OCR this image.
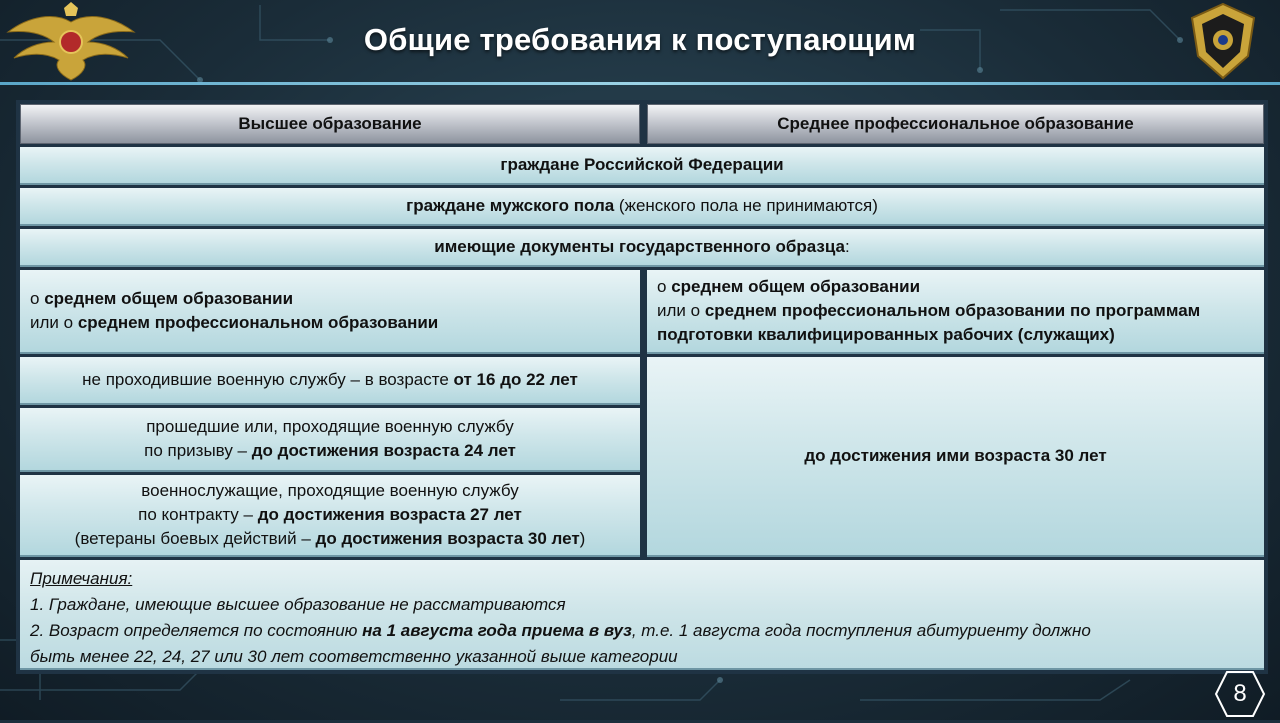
Общие требования к поступающим
Высшее образование	Среднее профессиональное образование
граждане Российской Федерации
граждане мужского пола (женского пола не принимаются)
имеющие документы государственного образца:
о среднем общем образовании
или о среднем профессиональном образовании
о среднем общем образовании
или о среднем профессиональном образовании по программам
подготовки квалифицированных рабочих (служащих)
не проходившие военную службу – в возрасте от 16 до 22 лет
прошедшие или, проходящие военную службу
по призыву – до достижения возраста 24 лет
военнослужащие, проходящие военную службу
по контракту – до достижения возраста 27 лет
(ветераны боевых действий – до достижения возраста 30 лет)
до достижения ими возраста 30 лет
Примечания:
1. Граждане, имеющие высшее образование не рассматриваются
2. Возраст определяется по состоянию на 1 августа года приема в вуз, т.е. 1 августа года поступления абитуриенту должно
быть менее 22, 24, 27 или 30 лет соответственно указанной выше категории
8
